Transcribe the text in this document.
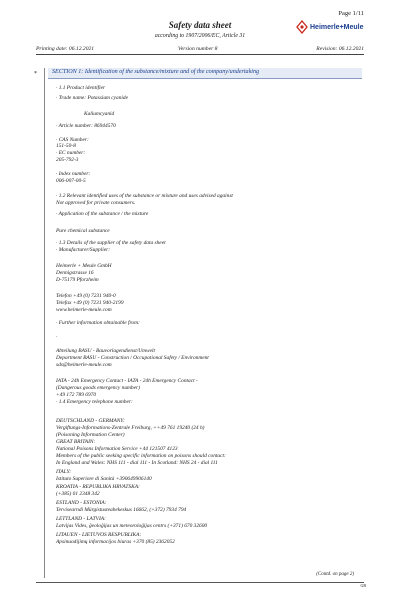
Page 1/11
Heimerle+Meule
Safety data sheet
according to 1907/2006/EC, Article 31
Printing date: 06.12.2021	Version number 8	Revision: 06.12.2021
* SECTION 1: Identification of the substance/mixture and of the company/undertaking
· 1.1 Product identifier
· Trade name: Potassium cyanide
Kaliumcyanid
· Article number: 86944570
· CAS Number:
151-50-8
· EC number:
205-792-3
· Index number:
006-007-00-5
· 1.2 Relevant identified uses of the substance or mixture and uses advised against
Not approved for private consumers.
· Application of the substance / the mixture
Pure chemical substance
· 1.3 Details of the supplier of the safety data sheet
· Manufacturer/Supplier:
Heimerle + Meule GmbH
Dennigstrasse 16
D-75179 Pforzheim
Telefon +49 (0) 7231 940-0
Telefax +49 (0) 7231 940-2199
www.heimerle-meule.com
· Further information obtainable from:
·
Abteilung BASU - Bauvorlagendienst/Umwelt
Department BASU - Construction / Occupational Safety / Environment
sds@heimerle-meule.com
IATA - 24h Emergency Contact - IATA - 24h Emergency Contact -
(Dangerous goods emergency number)
+49 172 789 6970
· 1.4 Emergency telephone number:
DEUTSCHLAND - GERMANY:
Vergiftungs-Informations-Zentrale Freiburg, ++49 761 19240 (24 h)
(Poisoning Information Center)
GREAT BRITAIN:
National Poisons Information Service +44 121507 4123
Members of the public seeking specific information on poisons should contact:
In England and Wales: NHS 111 - dial 111 - In Scotland: NHS 24 - dial 111
ITALY:
Istituto Superiore di Sanità +390649906140
KROATIA - REPUBLIKA HRVATSKA:
(+385) 01 2348 342
ESTLAND - ESTONIA:
Tervisearndi Mürgistusteabekeskus 16662, (+372) 7934 794
LETTLAND - LATVIA:
Latvijas Vides, ģeoloģijas un meteoroloģijas centrs (+371) 670 32600
LITAUEN - LIETUVOS RESPUBLIKA:
Apsinuodijimų informacijos biuras +370 (85) 2362052
(Contd. on page 2)
GB
